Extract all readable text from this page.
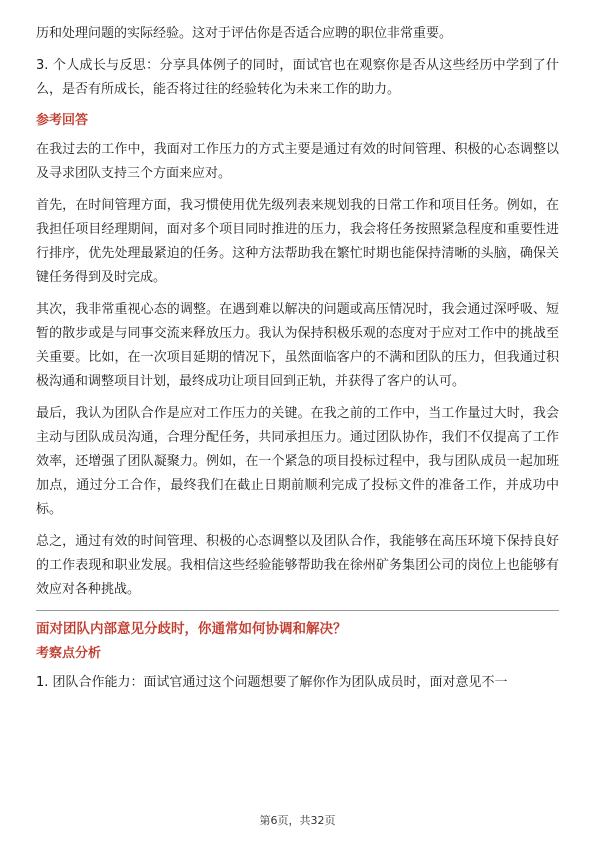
历和处理问题的实际经验。这对于评估你是否适合应聘的职位非常重要。

3. 个人成长与反思：分享具体例子的同时，面试官也在观察你是否从这些经历中学到了什么，是否有所成长，能否将过往的经验转化为未来工作的助力。

参考回答

在我过去的工作中，我面对工作压力的方式主要是通过有效的时间管理、积极的心态调整以及寻求团队支持三个方面来应对。

首先，在时间管理方面，我习惯使用优先级列表来规划我的日常工作和项目任务。例如，在我担任项目经理期间，面对多个项目同时推进的压力，我会将任务按照紧急程度和重要性进行排序，优先处理最紧迫的任务。这种方法帮助我在繁忙时期也能保持清晰的头脑，确保关键任务得到及时完成。

其次，我非常重视心态的调整。在遇到难以解决的问题或高压情况时，我会通过深呼吸、短暂的散步或是与同事交流来释放压力。我认为保持积极乐观的态度对于应对工作中的挑战至关重要。比如，在一次项目延期的情况下，虽然面临客户的不满和团队的压力，但我通过积极沟通和调整项目计划，最终成功让项目回到正轨，并获得了客户的认可。

最后，我认为团队合作是应对工作压力的关键。在我之前的工作中，当工作量过大时，我会主动与团队成员沟通，合理分配任务，共同承担压力。通过团队协作，我们不仅提高了工作效率，还增强了团队凝聚力。例如，在一个紧急的项目投标过程中，我与团队成员一起加班加点，通过分工合作，最终我们在截止日期前顺利完成了投标文件的准备工作，并成功中标。

总之，通过有效的时间管理、积极的心态调整以及团队合作，我能够在高压环境下保持良好的工作表现和职业发展。我相信这些经验能够帮助我在徐州矿务集团公司的岗位上也能够有效应对各种挑战。

面对团队内部意见分歧时，你通常如何协调和解决？
考察点分析

1. 团队合作能力：面试官通过这个问题想要了解你作为团队成员时，面对意见不一

第6页，共32页
